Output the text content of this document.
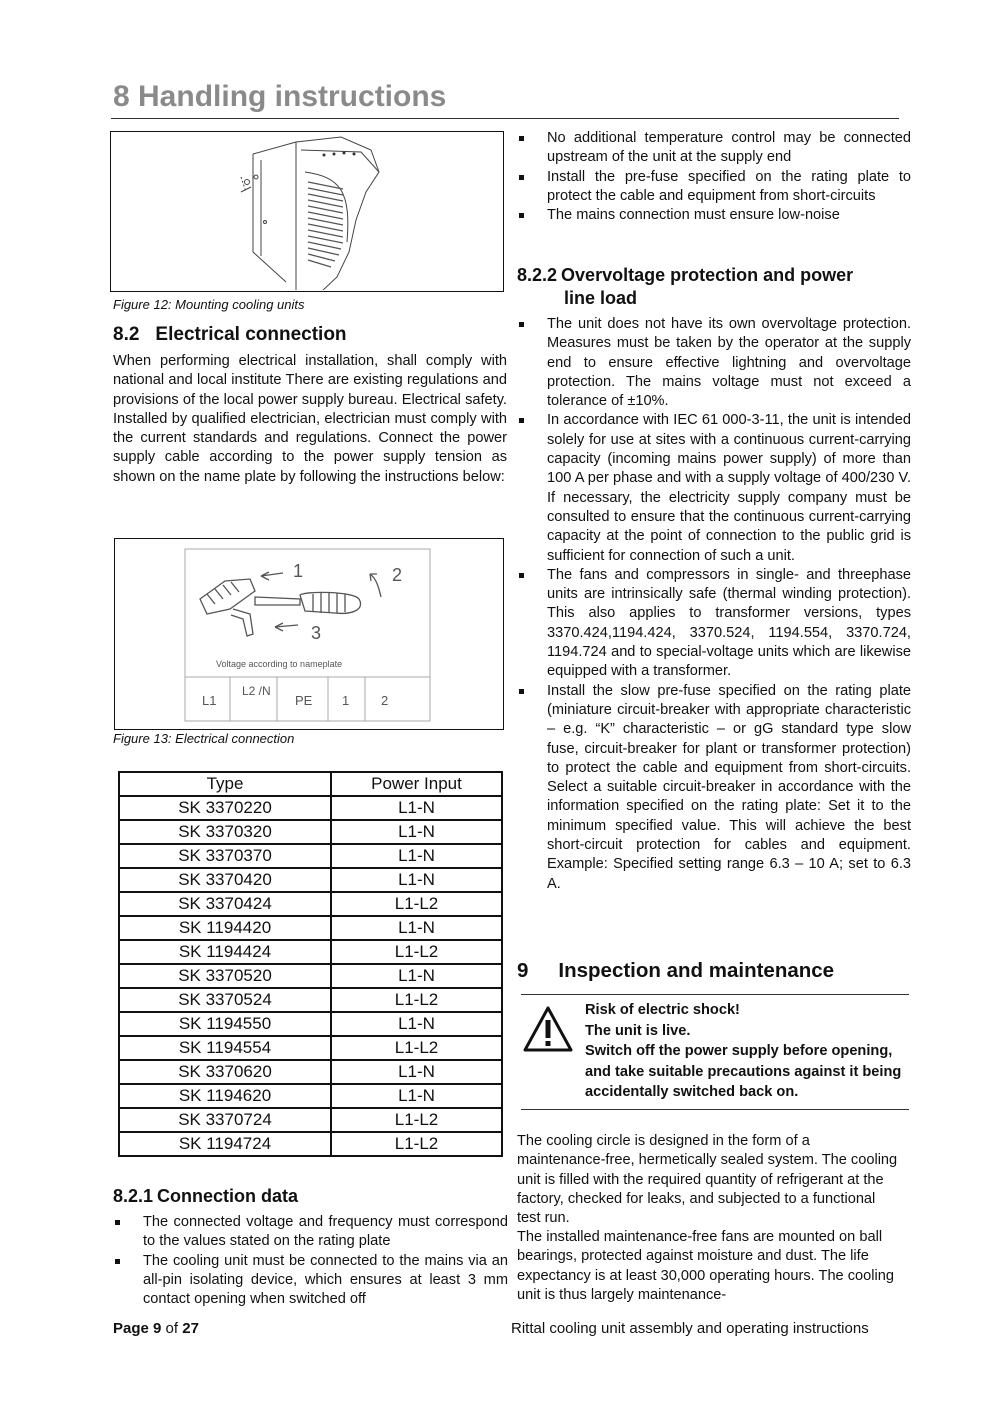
8 Handling instructions
Figure 12: Mounting cooling units
8.2 Electrical connection

When performing electrical installation, shall comply with national and local institute There are existing regulations and provisions of the local power supply bureau. Electrical safety. Installed by qualified electrician, electrician must comply with the current standards and regulations. Connect the power supply cable according to the power supply tension as shown on the name plate by following the instructions below:

1	2
3
Voltage according to nameplate
L1
L2 /N
PE 1 2
Figure 13: Electrical connection
Type	Power Input
SK 3370220	L1-N
SK 3370320	L1-N
SK 3370370	L1-N
SK 3370420	L1-N
SK 3370424	L1-L2
SK 1194420	L1-N
SK 1194424	L1-L2
SK 3370520	L1-N
SK 3370524	L1-L2
SK 1194550	L1-N
SK 1194554	L1-L2
SK 3370620	L1-N
SK 1194620	L1-N
SK 3370724	L1-L2
SK 1194724	L1-L2
8.2.1 Connection data
The connected voltage and frequency must correspond to the values stated on the rating plate
The cooling unit must be connected to the mains via an all-pin isolating device, which ensures at least 3 mm contact opening when switched off
No additional temperature control may be connected upstream of the unit at the supply end
Install the pre-fuse specified on the rating plate to protect the cable and equipment from short-circuits
The mains connection must ensure low-noise
8.2.2 Overvoltage protection and power
line load
The unit does not have its own overvoltage protection. Measures must be taken by the operator at the supply end to ensure effective lightning and overvoltage protection. The mains voltage must not exceed a tolerance of ±10%.
In accordance with IEC 61 000-3-11, the unit is intended solely for use at sites with a continuous current-carrying capacity (incoming mains power supply) of more than 100 A per phase and with a supply voltage of 400/230 V. If necessary, the electricity supply company must be consulted to ensure that the continuous current-carrying capacity at the point of connection to the public grid is sufficient for connection of such a unit.
The fans and compressors in single- and threephase units are intrinsically safe (thermal winding protection). This also applies to transformer versions, types 3370.424,1194.424, 3370.524, 1194.554, 3370.724, 1194.724 and to special-voltage units which are likewise equipped with a transformer.
Install the slow pre-fuse specified on the rating plate (miniature circuit-breaker with appropriate characteristic – e.g. “K” characteristic – or gG standard type slow fuse, circuit-breaker for plant or transformer protection) to protect the cable and equipment from short-circuits. Select a suitable circuit-breaker in accordance with the information specified on the rating plate: Set it to the minimum specified value. This will achieve the best short-circuit protection for cables and equipment. Example: Specified setting range 6.3 – 10 A; set to 6.3 A.
9 Inspection and maintenance
Risk of electric shock!
The unit is live.
Switch off the power supply before opening, and take suitable precautions against it being accidentally switched back on.

The cooling circle is designed in the form of a maintenance-free, hermetically sealed system. The cooling unit is filled with the required quantity of refrigerant at the factory, checked for leaks, and subjected to a functional test run.

The installed maintenance-free fans are mounted on ball bearings, protected against moisture and dust. The life expectancy is at least 30,000 operating hours. The cooling unit is thus largely maintenance-

Page 9 of 27	Rittal cooling unit assembly and operating instructions
